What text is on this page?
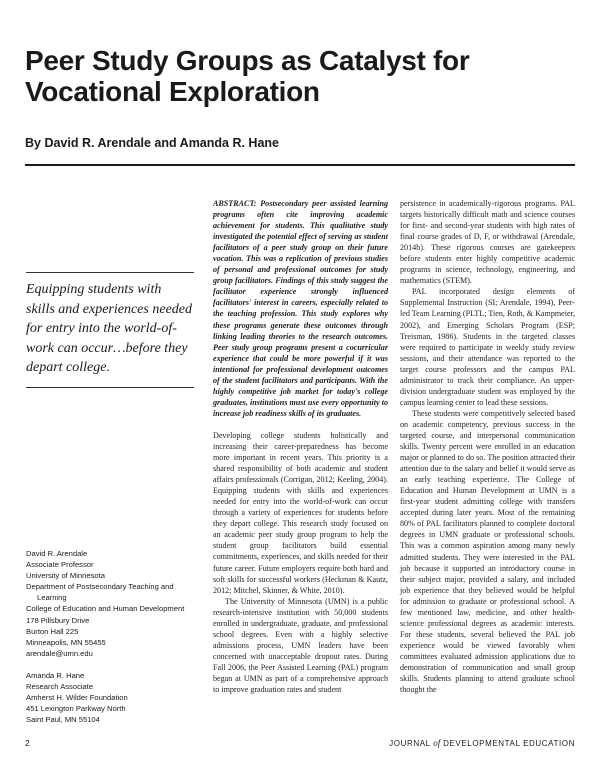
Peer Study Groups as Catalyst for
Vocational Exploration
By David R. Arendale and Amanda R. Hane
Equipping students with
skills and experiences needed
for entry into the world-of-
work can occur…before they
depart college.
David R. Arendale
Associate Professor
University of Minnesota
Department of Postsecondary Teaching and
Learning
College of Education and Human Development
178 Pillsbury Drive
Burton Hall 225
Minneapolis, MN 55455
arendale@umn.edu
Amanda R. Hane
Research Associate
Amherst H. Wilder Foundation
451 Lexington Parkway North
Saint Paul, MN 55104

ABSTRACT: Postsecondary peer assisted learning programs often cite improving academic achievement for students. This qualitative study investigated the potential effect of serving as student facilitators of a peer study group on their future vocation. This was a replication of previous studies of personal and professional outcomes for study group facilitators. Findings of this study suggest the facilitator experience strongly influenced facilitators' interest in careers, especially related to the teaching profession. This study explores why these programs generate these outcomes through linking leading theories to the research outcomes. Peer study group programs present a cocurricular experience that could be more powerful if it was intentional for professional development outcomes of the student facilitators and participants. With the highly competitive job market for today's college graduates, institutions must use every opportunity to increase job readiness skills of its graduates.

Developing college students holistically and increasing their career-preparedness has become more important in recent years. This priority is a shared responsibility of both academic and student affairs professionals (Corrigan, 2012; Keeling, 2004). Equipping students with skills and experiences needed for entry into the world-of-work can occur through a variety of experiences for students before they depart college. This research study focused on an academic peer study group program to help the student group facilitators build essential commitments, experiences, and skills needed for their future career. Future employers require both hard and soft skills for successful workers (Heckman & Kautz, 2012; Mitchel, Skinner, & White, 2010).

The University of Minnesota (UMN) is a public research-intensive institution with 50,000 students enrolled in undergraduate, graduate, and professional school degrees. Even with a highly selective admissions process, UMN leaders have been concerned with unacceptable dropout rates. During Fall 2006, the Peer Assisted Learning (PAL) program began at UMN as part of a comprehensive approach to improve graduation rates and student

persistence in academically-rigorous programs. PAL targets historically difficult math and science courses for first- and second-year students with high rates of final course grades of D, F, or withdrawal (Arendale, 2014b). These rigorous courses are gatekeepers before students enter highly competitive academic programs in science, technology, engineering, and mathematics (STEM).

PAL incorporated design elements of Supplemental Instruction (SI; Arendale, 1994), Peer-led Team Learning (PLTL; Tien, Roth, & Kampmeier, 2002), and Emerging Scholars Program (ESP; Treisman, 1986). Students in the targeted classes were required to participate in weekly study review sessions, and their attendance was reported to the target course professors and the campus PAL administrator to track their compliance. An upper-division undergraduate student was employed by the campus learning center to lead these sessions.

These students were competitively selected based on academic competency, previous success in the targeted course, and interpersonal communication skills. Twenty percent were enrolled in an education major or planned to do so. The position attracted their attention due to the salary and belief it would serve as an early teaching experience. The College of Education and Human Development at UMN is a first-year student admitting college with transfers accepted during later years. Most of the remaining 80% of PAL facilitators planned to complete doctoral degrees in UMN graduate or professional schools. This was a common aspiration among many newly admitted students. They were interested in the PAL job because it supported an introductory course in their subject major, provided a salary, and included job experience that they believed would be helpful for admission to graduate or professional school. A few mentioned law, medicine, and other health-science professional degrees as academic interests. For these students, several believed the PAL job experience would be viewed favorably when committees evaluated admission applications due to demonstration of communication and small group skills. Students planning to attend graduate school thought the

2	JOURNAL of DEVELOPMENTAL EDUCATION
